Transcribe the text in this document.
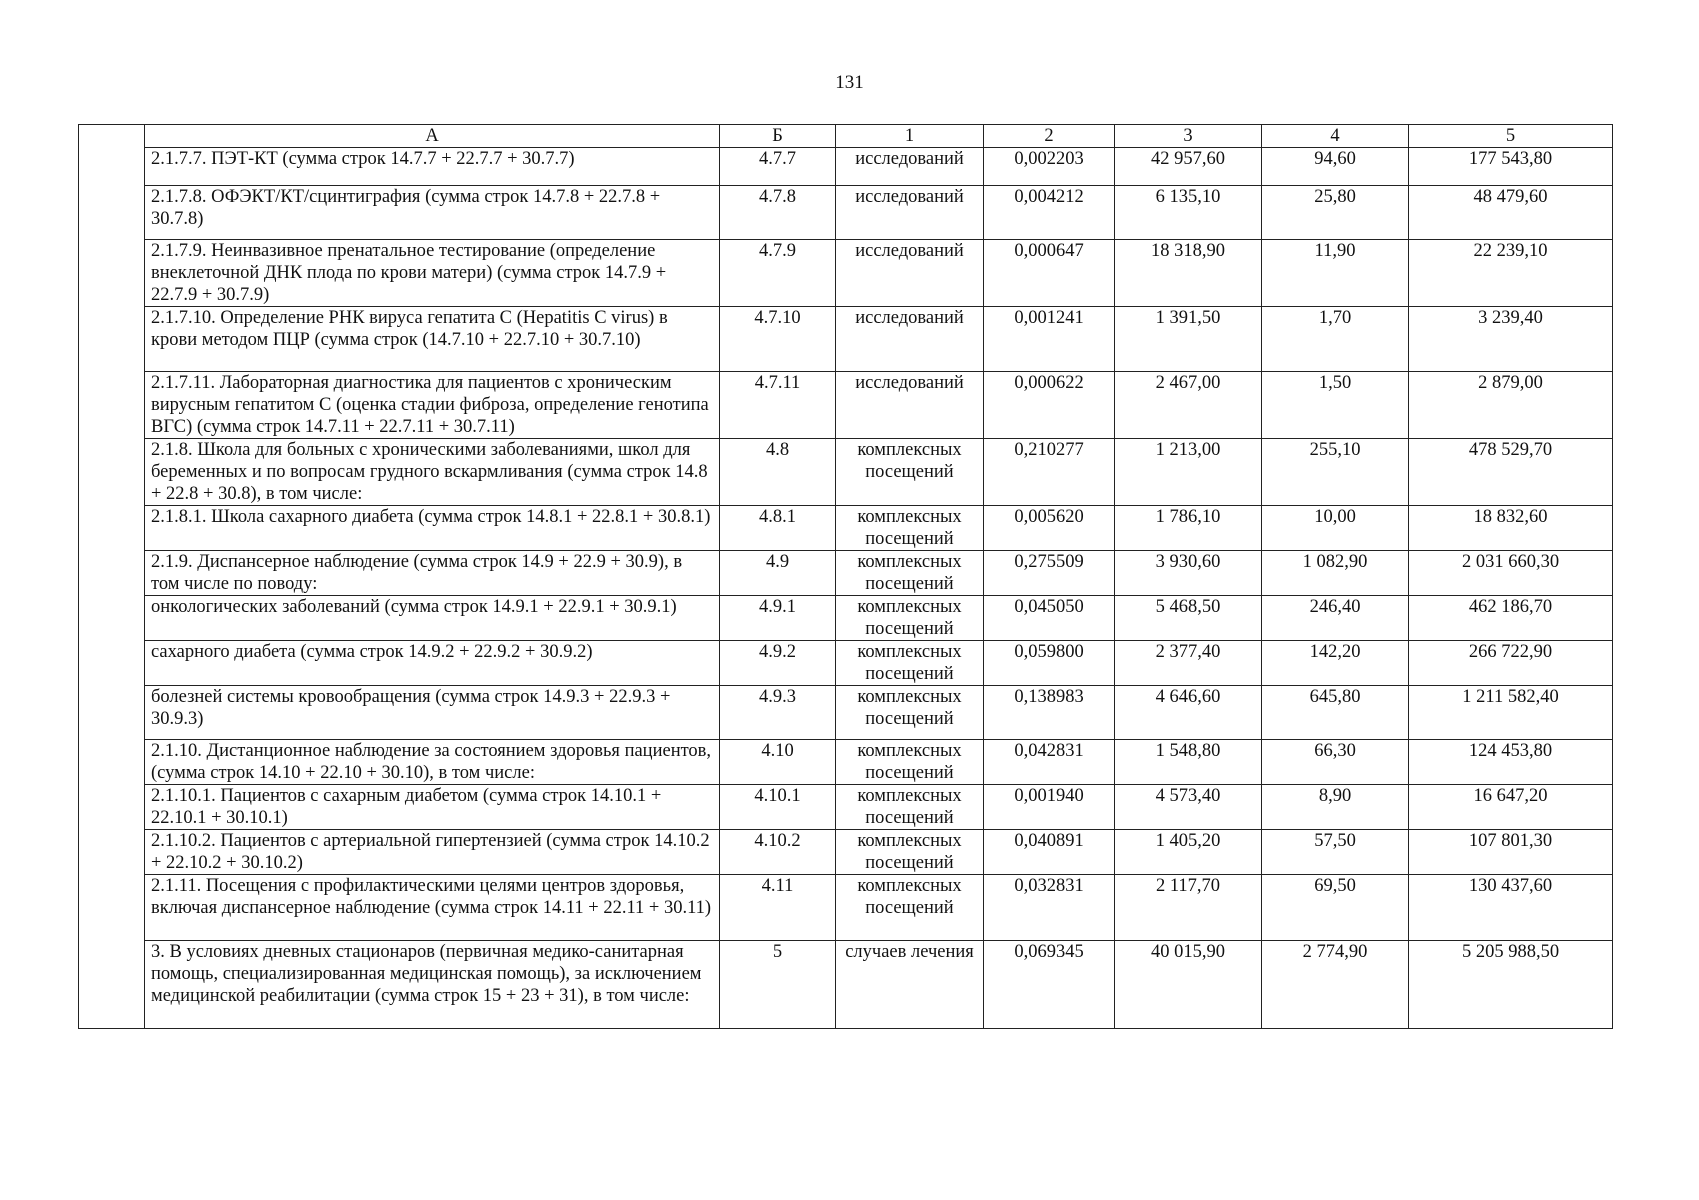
131
	А	Б	1	2	3	4	5
	2.1.7.7. ПЭТ-КТ (сумма строк 14.7.7 + 22.7.7 + 30.7.7)	4.7.7	исследований	0,002203	42 957,60	94,60	177 543,80
	2.1.7.8. ОФЭКТ/КТ/сцинтиграфия (сумма строк 14.7.8 + 22.7.8 + 30.7.8)	4.7.8	исследований	0,004212	6 135,10	25,80	48 479,60
	2.1.7.9. Неинвазивное пренатальное тестирование (определение внеклеточной ДНК плода по крови матери) (сумма строк 14.7.9 + 22.7.9 + 30.7.9)	4.7.9	исследований	0,000647	18 318,90	11,90	22 239,10
	2.1.7.10. Определение РНК вируса гепатита С (Hepatitis C virus) в крови методом ПЦР (сумма строк (14.7.10 + 22.7.10 + 30.7.10)	4.7.10	исследований	0,001241	1 391,50	1,70	3 239,40
	2.1.7.11. Лабораторная диагностика для пациентов с хроническим вирусным гепатитом С (оценка стадии фиброза, определение генотипа ВГС) (сумма строк 14.7.11 + 22.7.11 + 30.7.11)	4.7.11	исследований	0,000622	2 467,00	1,50	2 879,00
	2.1.8. Школа для больных с хроническими заболеваниями, школ для беременных и по вопросам грудного вскармливания (сумма строк 14.8 + 22.8 + 30.8), в том числе:	4.8	комплексных посещений	0,210277	1 213,00	255,10	478 529,70
	2.1.8.1. Школа сахарного диабета (сумма строк 14.8.1 + 22.8.1 + 30.8.1)	4.8.1	комплексных посещений	0,005620	1 786,10	10,00	18 832,60
	2.1.9. Диспансерное наблюдение (сумма строк 14.9 + 22.9 + 30.9), в том числе по поводу:	4.9	комплексных посещений	0,275509	3 930,60	1 082,90	2 031 660,30
	онкологических заболеваний (сумма строк 14.9.1 + 22.9.1 + 30.9.1)	4.9.1	комплексных посещений	0,045050	5 468,50	246,40	462 186,70
	сахарного диабета (сумма строк 14.9.2 + 22.9.2 + 30.9.2)	4.9.2	комплексных посещений	0,059800	2 377,40	142,20	266 722,90
	болезней системы кровообращения (сумма строк 14.9.3 + 22.9.3 + 30.9.3)	4.9.3	комплексных посещений	0,138983	4 646,60	645,80	1 211 582,40
	2.1.10. Дистанционное наблюдение за состоянием здоровья пациентов, (сумма строк 14.10 + 22.10 + 30.10), в том числе:	4.10	комплексных посещений	0,042831	1 548,80	66,30	124 453,80
	2.1.10.1. Пациентов с сахарным диабетом (сумма строк 14.10.1 + 22.10.1 + 30.10.1)	4.10.1	комплексных посещений	0,001940	4 573,40	8,90	16 647,20
	2.1.10.2. Пациентов с артериальной гипертензией (сумма строк 14.10.2 + 22.10.2 + 30.10.2)	4.10.2	комплексных посещений	0,040891	1 405,20	57,50	107 801,30
	2.1.11. Посещения с профилактическими целями центров здоровья, включая диспансерное наблюдение (сумма строк 14.11 + 22.11 + 30.11)	4.11	комплексных посещений	0,032831	2 117,70	69,50	130 437,60
	3. В условиях дневных стационаров (первичная медико-санитарная помощь, специализированная медицинская помощь), за исключением медицинской реабилитации (сумма строк 15 + 23 + 31), в том числе:	5	случаев лечения	0,069345	40 015,90	2 774,90	5 205 988,50
